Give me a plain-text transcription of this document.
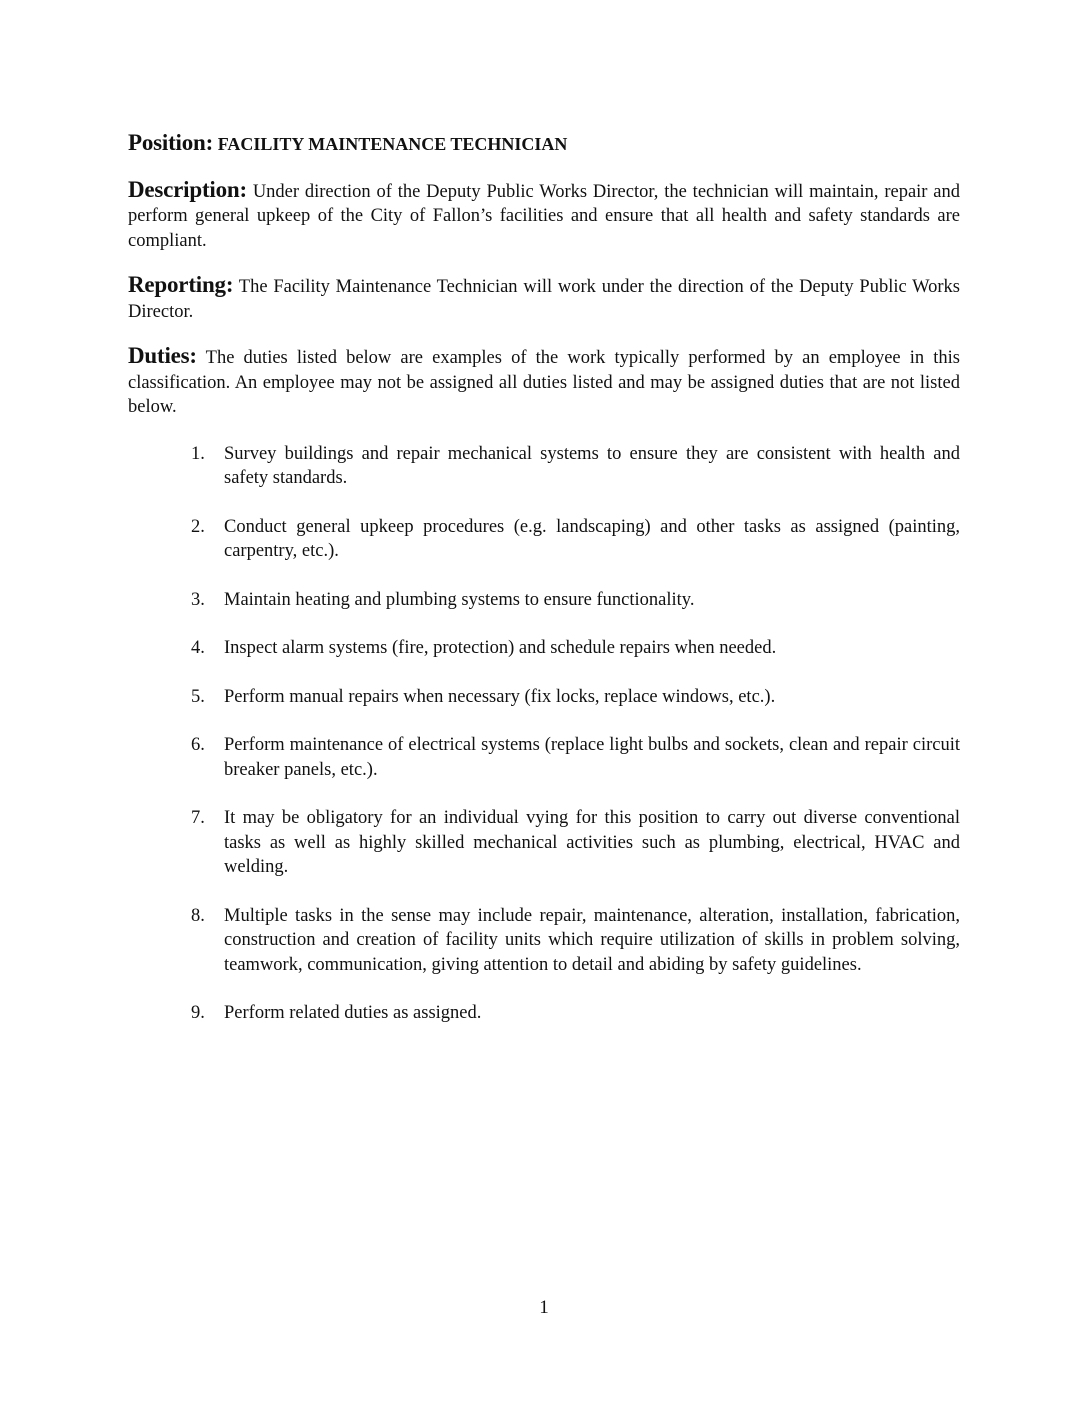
Position: FACILITY MAINTENANCE TECHNICIAN
Description: Under direction of the Deputy Public Works Director, the technician will maintain, repair and perform general upkeep of the City of Fallon’s facilities and ensure that all health and safety standards are compliant.
Reporting: The Facility Maintenance Technician will work under the direction of the Deputy Public Works Director.
Duties: The duties listed below are examples of the work typically performed by an employee in this classification. An employee may not be assigned all duties listed and may be assigned duties that are not listed below.
1. Survey buildings and repair mechanical systems to ensure they are consistent with health and safety standards.
2. Conduct general upkeep procedures (e.g. landscaping) and other tasks as assigned (painting, carpentry, etc.).
3. Maintain heating and plumbing systems to ensure functionality.
4. Inspect alarm systems (fire, protection) and schedule repairs when needed.
5. Perform manual repairs when necessary (fix locks, replace windows, etc.).
6. Perform maintenance of electrical systems (replace light bulbs and sockets, clean and repair circuit breaker panels, etc.).
7. It may be obligatory for an individual vying for this position to carry out diverse conventional tasks as well as highly skilled mechanical activities such as plumbing, electrical, HVAC and welding.
8. Multiple tasks in the sense may include repair, maintenance, alteration, installation, fabrication, construction and creation of facility units which require utilization of skills in problem solving, teamwork, communication, giving attention to detail and abiding by safety guidelines.
9. Perform related duties as assigned.
1
